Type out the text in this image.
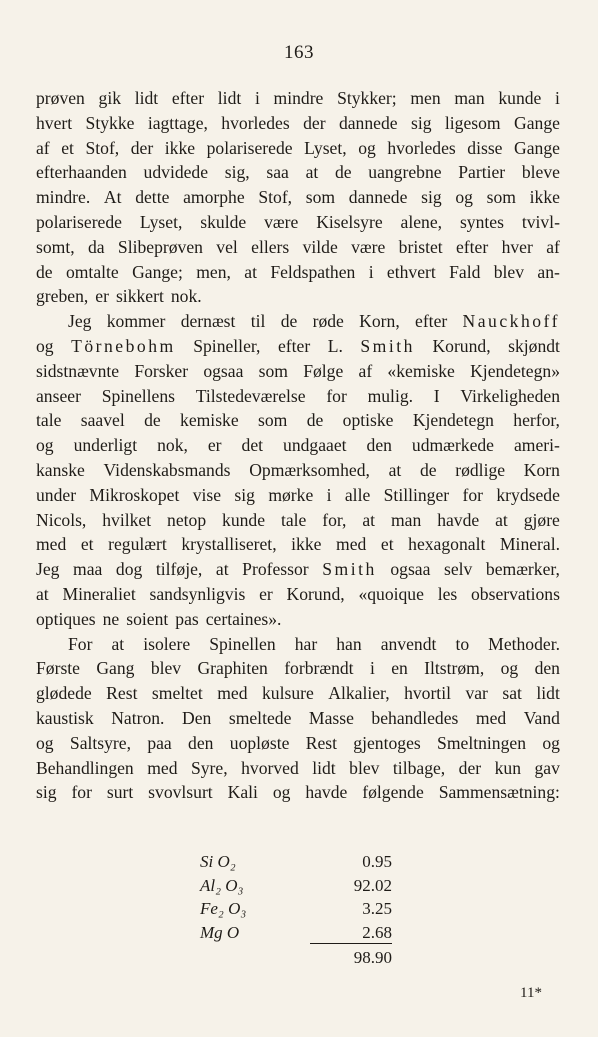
163
prøven gik lidt efter lidt i mindre Stykker; men man kunde i
hvert Stykke iagttage, hvorledes der dannede sig ligesom Gange
af et Stof, der ikke polariserede Lyset, og hvorledes disse Gange
efterhaanden udvidede sig, saa at de uangrebne Partier bleve
mindre. At dette amorphe Stof, som dannede sig og som ikke
polariserede Lyset, skulde være Kiselsyre alene, syntes tvivl-
somt, da Slibeprøven vel ellers vilde være bristet efter hver af
de omtalte Gange; men, at Feldspathen i ethvert Fald blev an-
greben, er sikkert nok.
Jeg kommer dernæst til de røde Korn, efter Nauckhoff
og Törnebohm Spineller, efter L. Smith Korund, skjøndt
sidstnævnte Forsker ogsaa som Følge af «kemiske Kjendetegn»
anseer Spinellens Tilstedeværelse for mulig. I Virkeligheden
tale saavel de kemiske som de optiske Kjendetegn herfor,
og underligt nok, er det undgaaet den udmærkede ameri-
kanske Videnskabsmands Opmærksomhed, at de rødlige Korn
under Mikroskopet vise sig mørke i alle Stillinger for krydsede
Nicols, hvilket netop kunde tale for, at man havde at gjøre
med et regulært krystalliseret, ikke med et hexagonalt Mineral.
Jeg maa dog tilføje, at Professor Smith ogsaa selv bemærker,
at Mineraliet sandsynligvis er Korund, «quoique les observations
optiques ne soient pas certaines».
For at isolere Spinellen har han anvendt to Methoder.
Første Gang blev Graphiten forbrændt i en Iltstrøm, og den
glødede Rest smeltet med kulsure Alkalier, hvortil var sat lidt
kaustisk Natron. Den smeltede Masse behandledes med Vand
og Saltsyre, paa den uopløste Rest gjentoges Smeltningen og
Behandlingen med Syre, hvorved lidt blev tilbage, der kun gav
sig for surt svovlsurt Kali og havde følgende Sammensætning:
Si O₂	0.95
Al₂ O₃	92.02
Fe₂ O₃	3.25
Mg O	2.68
98.90
11*
